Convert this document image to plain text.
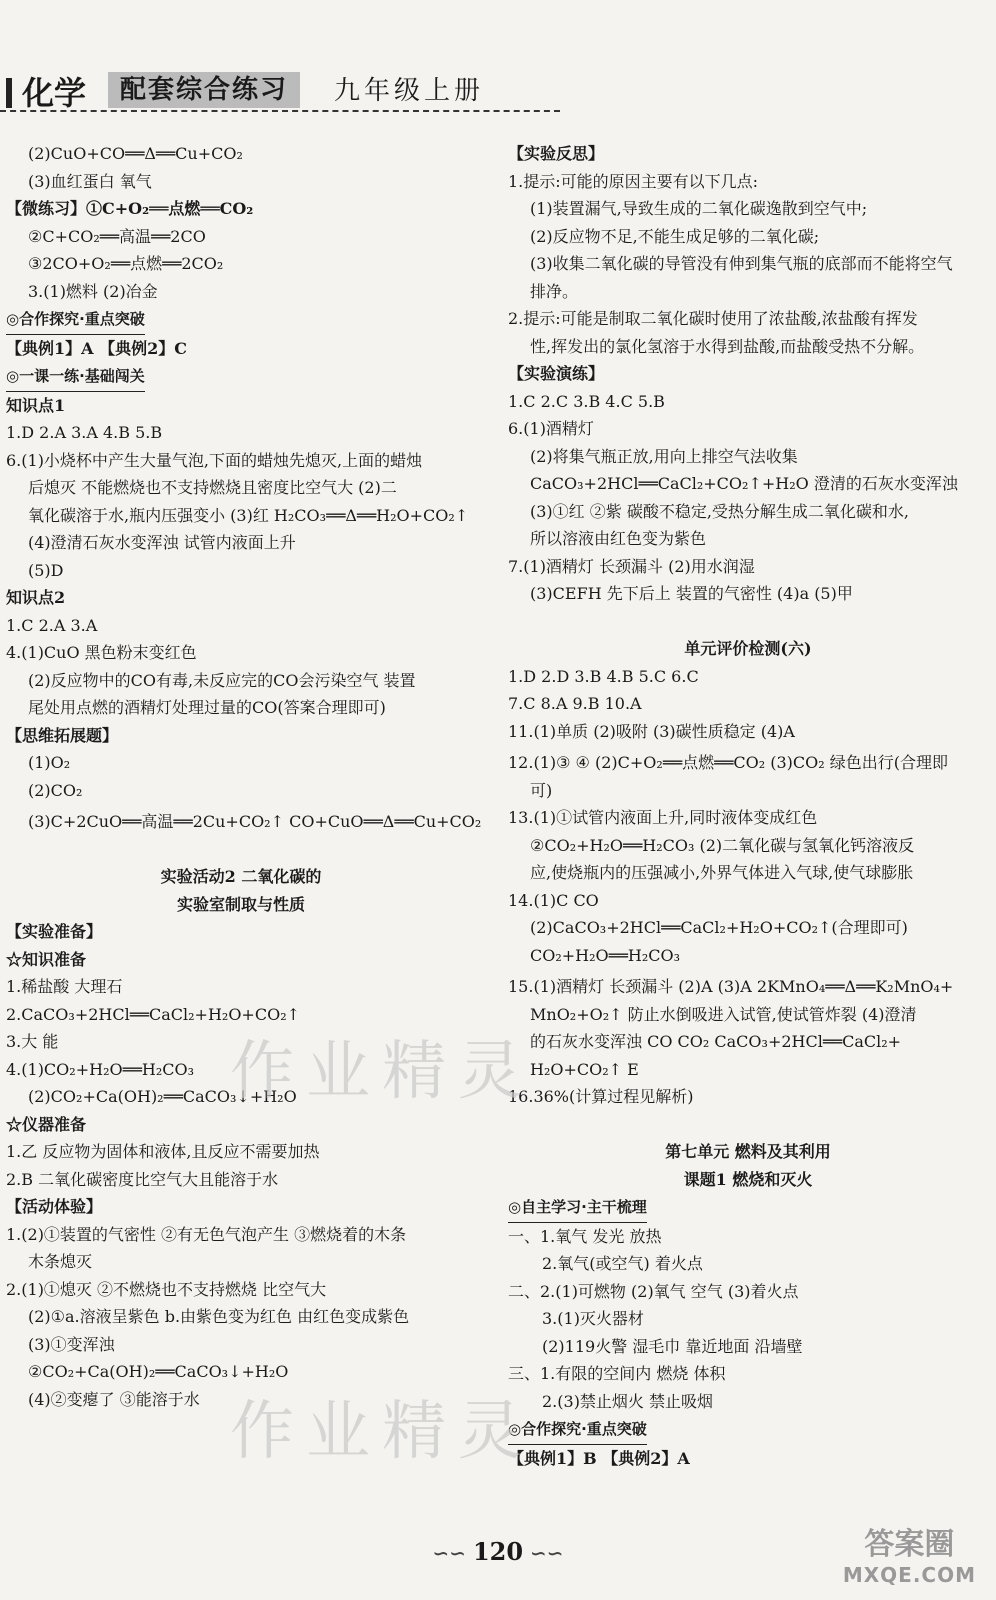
化学	配套综合练习	九年级上册
(2)CuO+CO══Δ══Cu+CO₂
(3)血红蛋白 氧气
【微练习】①C+O₂══点燃══CO₂
②C+CO₂══高温══2CO
③2CO+O₂══点燃══2CO₂
3.(1)燃料 (2)冶金
◎合作探究·重点突破
【典例1】A 【典例2】C
◎一课一练·基础闯关
知识点1
1.D 2.A 3.A 4.B 5.B
6.(1)小烧杯中产生大量气泡,下面的蜡烛先熄灭,上面的蜡烛
后熄灭 不能燃烧也不支持燃烧且密度比空气大 (2)二
氧化碳溶于水,瓶内压强变小 (3)红 H₂CO₃══Δ══H₂O+CO₂↑
(4)澄清石灰水变浑浊 试管内液面上升
(5)D
知识点2
1.C 2.A 3.A
4.(1)CuO 黑色粉末变红色
(2)反应物中的CO有毒,未反应完的CO会污染空气 装置
尾处用点燃的酒精灯处理过量的CO(答案合理即可)
【思维拓展题】
(1)O₂
(2)CO₂
(3)C+2CuO══高温══2Cu+CO₂↑ CO+CuO══Δ══Cu+CO₂
实验活动2 二氧化碳的
实验室制取与性质
【实验准备】
☆知识准备
1.稀盐酸 大理石
2.CaCO₃+2HCl══CaCl₂+H₂O+CO₂↑
3.大 能
4.(1)CO₂+H₂O══H₂CO₃
(2)CO₂+Ca(OH)₂══CaCO₃↓+H₂O
☆仪器准备
1.乙 反应物为固体和液体,且反应不需要加热
2.B 二氧化碳密度比空气大且能溶于水
【活动体验】
1.(2)①装置的气密性 ②有无色气泡产生 ③燃烧着的木条
木条熄灭
2.(1)①熄灭 ②不燃烧也不支持燃烧 比空气大
(2)①a.溶液呈紫色 b.由紫色变为红色 由红色变成紫色
(3)①变浑浊
②CO₂+Ca(OH)₂══CaCO₃↓+H₂O
(4)②变瘪了 ③能溶于水
【实验反思】
1.提示:可能的原因主要有以下几点:
(1)装置漏气,导致生成的二氧化碳逸散到空气中;
(2)反应物不足,不能生成足够的二氧化碳;
(3)收集二氧化碳的导管没有伸到集气瓶的底部而不能将空气
排净。
2.提示:可能是制取二氧化碳时使用了浓盐酸,浓盐酸有挥发
性,挥发出的氯化氢溶于水得到盐酸,而盐酸受热不分解。
【实验演练】
1.C 2.C 3.B 4.C 5.B
6.(1)酒精灯
(2)将集气瓶正放,用向上排空气法收集
CaCO₃+2HCl══CaCl₂+CO₂↑+H₂O 澄清的石灰水变浑浊
(3)①红 ②紫 碳酸不稳定,受热分解生成二氧化碳和水,
所以溶液由红色变为紫色
7.(1)酒精灯 长颈漏斗 (2)用水润湿
(3)CEFH 先下后上 装置的气密性 (4)a (5)甲
单元评价检测(六)
1.D 2.D 3.B 4.B 5.C 6.C
7.C 8.A 9.B 10.A
11.(1)单质 (2)吸附 (3)碳性质稳定 (4)A
12.(1)③ ④ (2)C+O₂══点燃══CO₂ (3)CO₂ 绿色出行(合理即
可)
13.(1)①试管内液面上升,同时液体变成红色
②CO₂+H₂O══H₂CO₃ (2)二氧化碳与氢氧化钙溶液反
应,使烧瓶内的压强减小,外界气体进入气球,使气球膨胀
14.(1)C CO
(2)CaCO₃+2HCl══CaCl₂+H₂O+CO₂↑(合理即可)
CO₂+H₂O══H₂CO₃
15.(1)酒精灯 长颈漏斗 (2)A (3)A 2KMnO₄══Δ══K₂MnO₄+
MnO₂+O₂↑ 防止水倒吸进入试管,使试管炸裂 (4)澄清
的石灰水变浑浊 CO CO₂ CaCO₃+2HCl══CaCl₂+
H₂O+CO₂↑ E
16.36%(计算过程见解析)
第七单元 燃料及其利用
课题1 燃烧和灭火
◎自主学习·主干梳理
一、1.氧气 发光 放热
2.氧气(或空气) 着火点
二、2.(1)可燃物 (2)氧气 空气 (3)着火点
3.(1)灭火器材
(2)119火警 湿毛巾 靠近地面 沿墙壁
三、1.有限的空间内 燃烧 体积
2.(3)禁止烟火 禁止吸烟
◎合作探究·重点突破
【典例1】B 【典例2】A
作业精灵
作业精灵
∽∽ 120 ∽∽	答案圈
MXQE.COM
